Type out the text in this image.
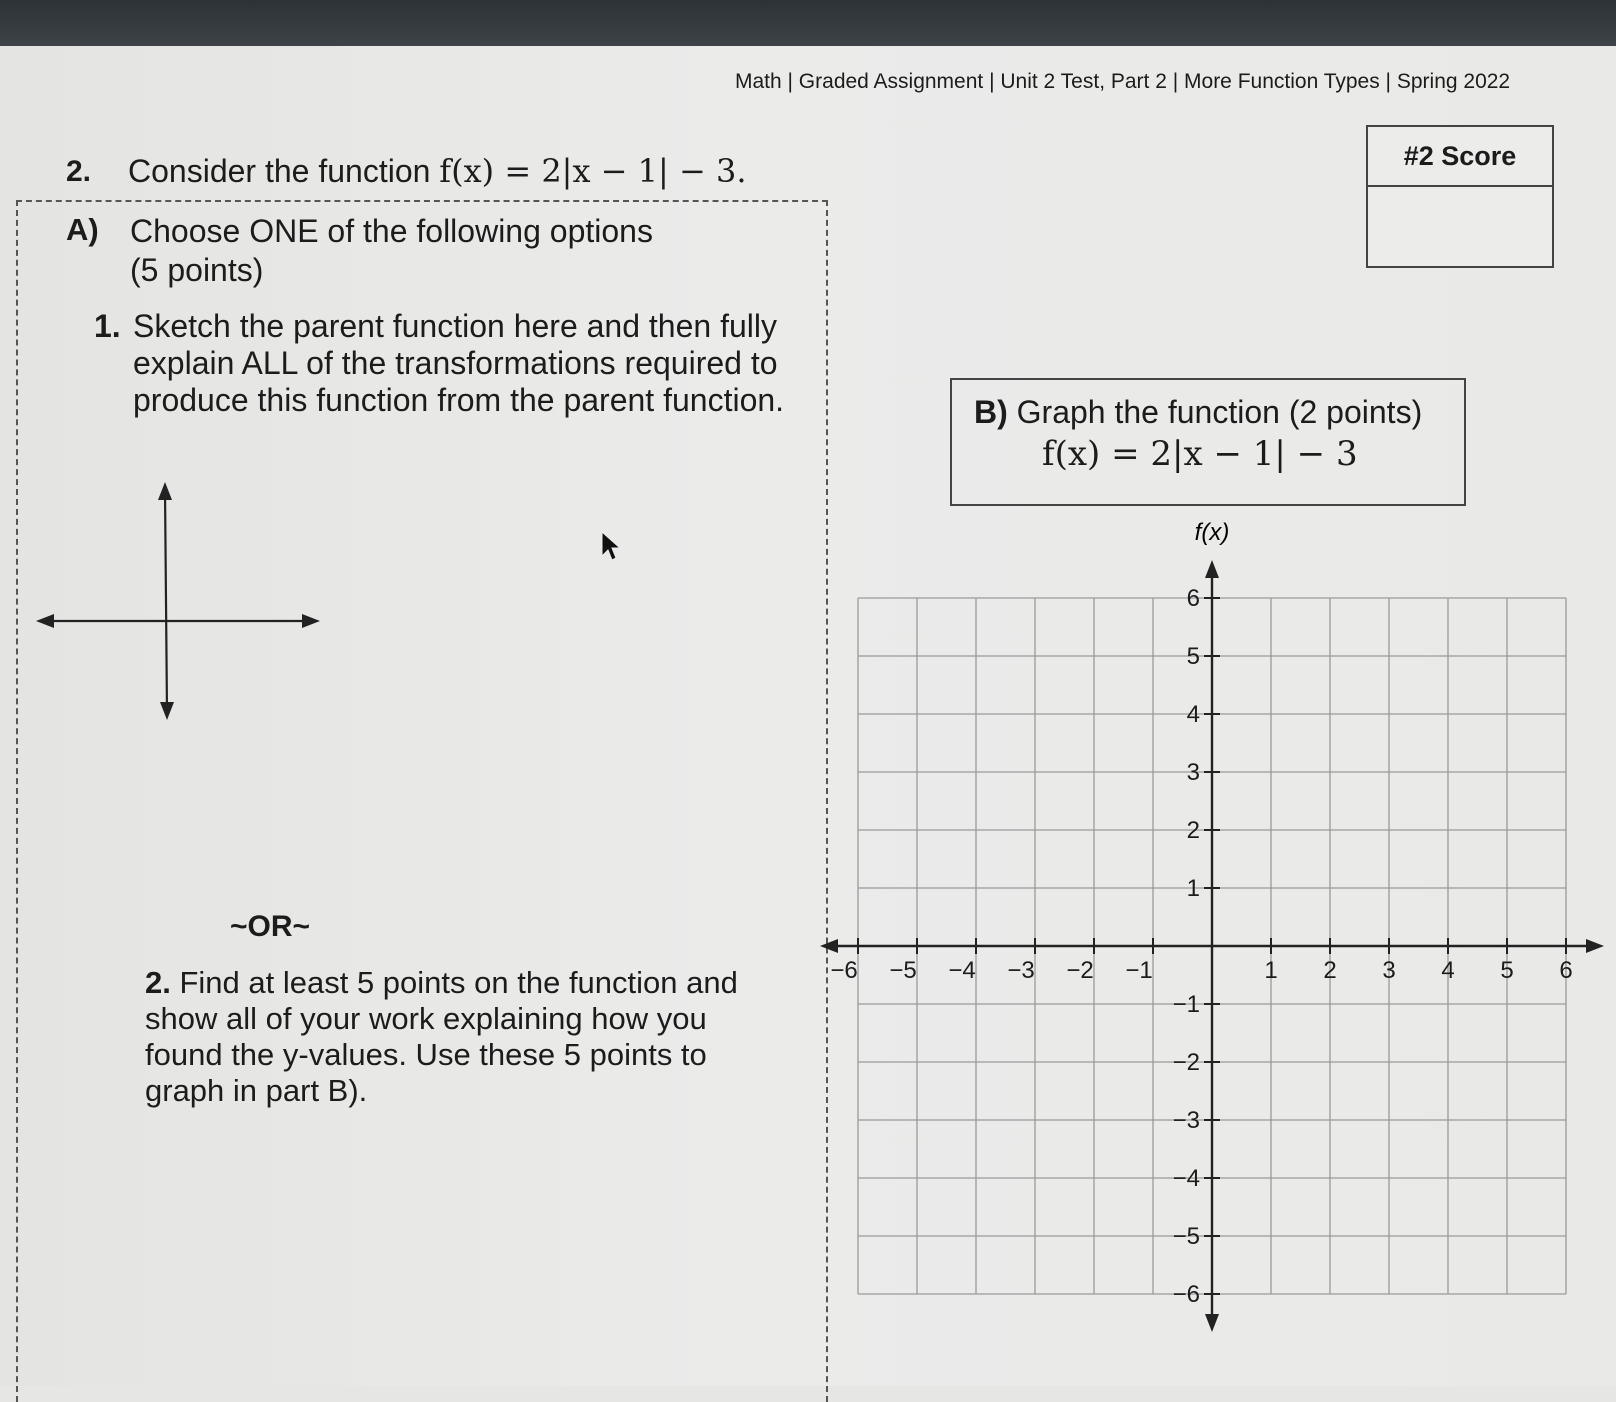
Math | Graded Assignment | Unit 2 Test, Part 2 | More Function Types | Spring 2022
2. Consider the function f(x) = 2|x − 1| − 3.
A) Choose ONE of the following options
(5 points)
1. Sketch the parent function here and then fully explain ALL of the transformations required to produce this function from the parent function.
~OR~
2. Find at least 5 points on the function and show all of your work explaining how you found the y-values. Use these 5 points to graph in part B).
#2 Score
B) Graph the function (2 points)
f(x) = 2|x − 1| − 3
f(x)
−6 −5 −4 −3 −2 −1	1 2 3 4 5 6
6
5
4
3
2
1
−1
−2
−3
−4
−5
−6
